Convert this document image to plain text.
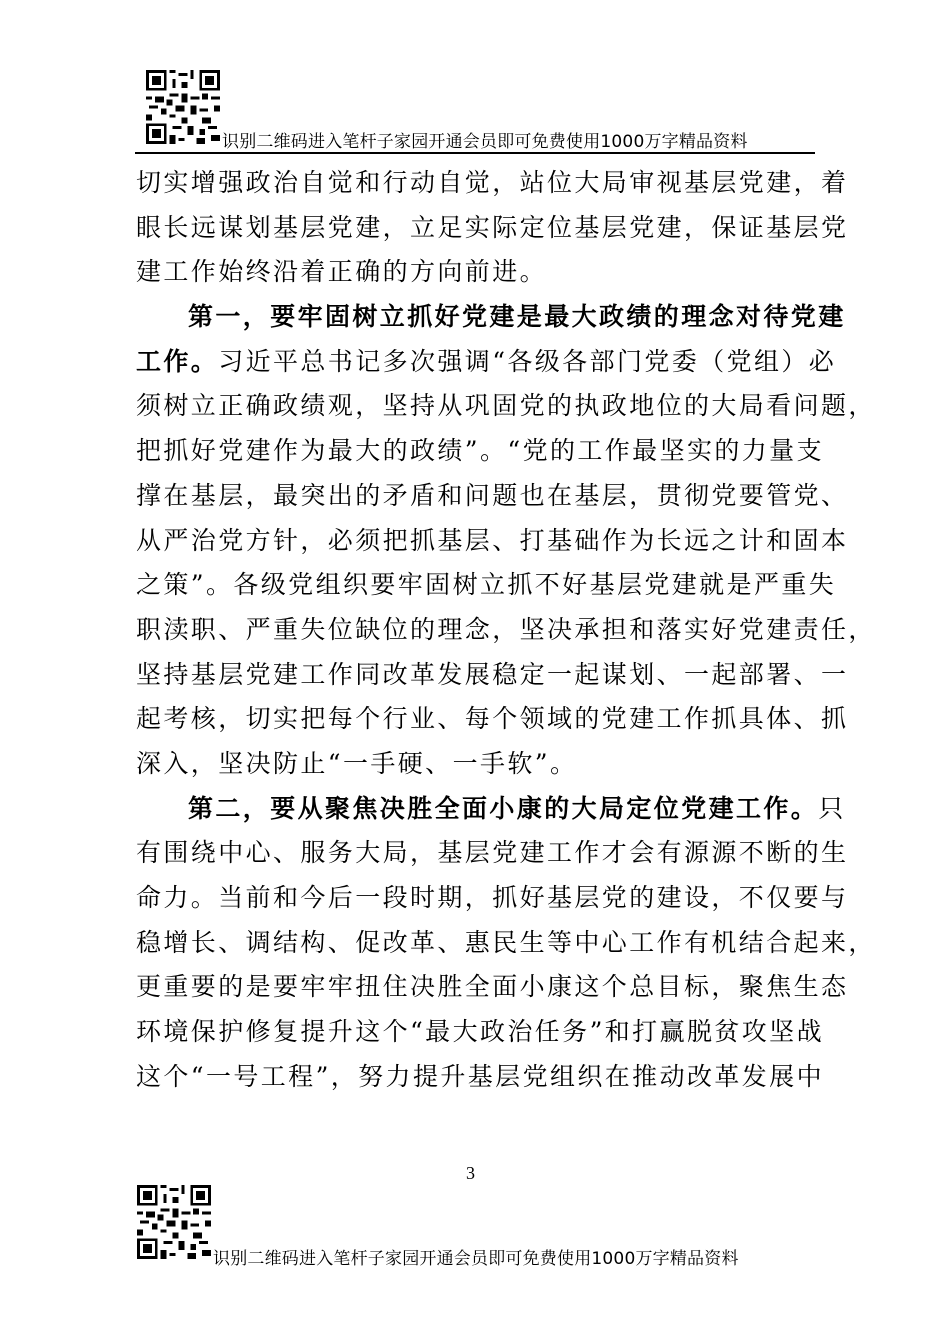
识别二维码进入笔杆子家园开通会员即可免费使用1000万字精品资料
切实增强政治自觉和行动自觉，站位大局审视基层党建，着
眼长远谋划基层党建，立足实际定位基层党建，保证基层党
建工作始终沿着正确的方向前进。
第一，要牢固树立抓好党建是最大政绩的理念对待党建
工作。习近平总书记多次强调“各级各部门党委（党组）必
须树立正确政绩观，坚持从巩固党的执政地位的大局看问题，
把抓好党建作为最大的政绩”。“党的工作最坚实的力量支
撑在基层，最突出的矛盾和问题也在基层，贯彻党要管党、
从严治党方针，必须把抓基层、打基础作为长远之计和固本
之策”。各级党组织要牢固树立抓不好基层党建就是严重失
职渎职、严重失位缺位的理念，坚决承担和落实好党建责任，
坚持基层党建工作同改革发展稳定一起谋划、一起部署、一
起考核，切实把每个行业、每个领域的党建工作抓具体、抓
深入，坚决防止“一手硬、一手软”。
第二，要从聚焦决胜全面小康的大局定位党建工作。只
有围绕中心、服务大局，基层党建工作才会有源源不断的生
命力。当前和今后一段时期，抓好基层党的建设，不仅要与
稳增长、调结构、促改革、惠民生等中心工作有机结合起来，
更重要的是要牢牢扭住决胜全面小康这个总目标，聚焦生态
环境保护修复提升这个“最大政治任务”和打赢脱贫攻坚战
这个“一号工程”，努力提升基层党组织在推动改革发展中
3
识别二维码进入笔杆子家园开通会员即可免费使用1000万字精品资料
